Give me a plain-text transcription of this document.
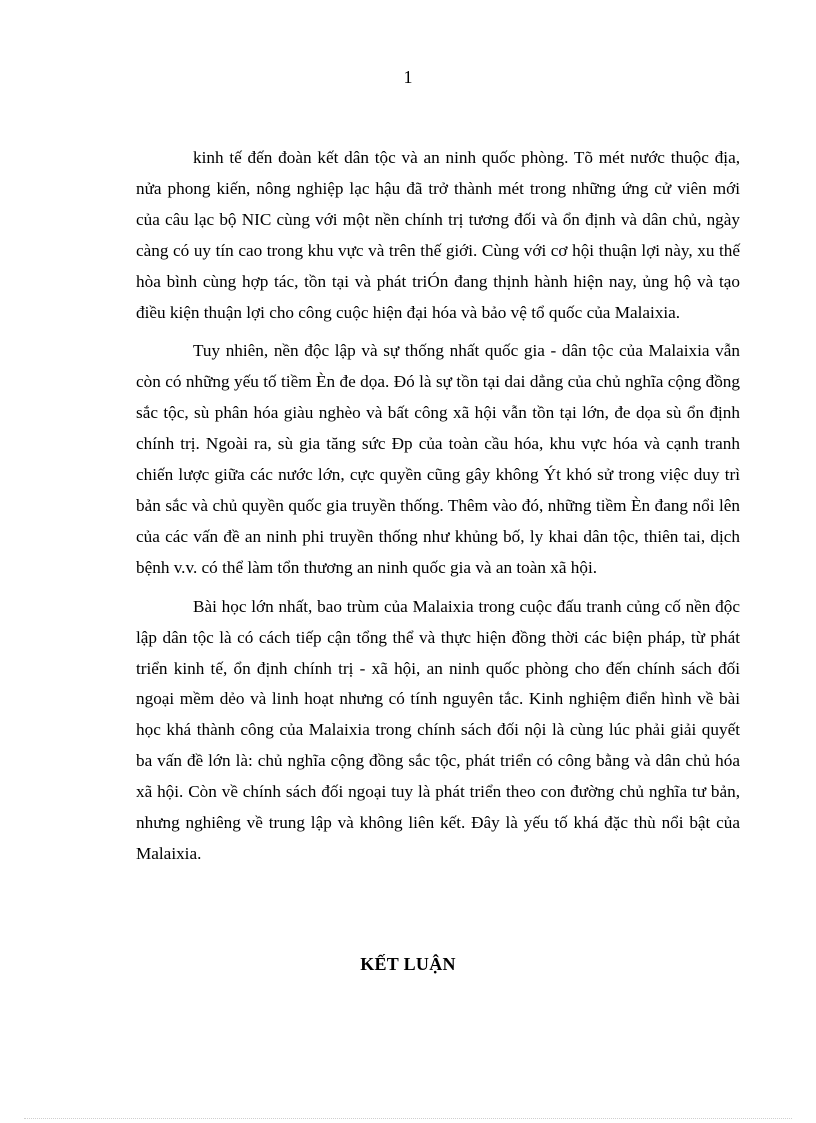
1

kinh tế đến đoàn kết dân tộc và an ninh quốc phòng. Tõ mét nước thuộc địa, nửa phong kiến, nông nghiệp lạc hậu đã trở thành mét trong những ứng cử viên mới của câu lạc bộ NIC cùng với một nền chính trị tương đối và ổn định và dân chủ, ngày càng có uy tín cao trong khu vực và trên thế giới. Cùng với cơ hội thuận lợi này, xu thế hòa bình cùng hợp tác, tồn tại và phát triÓn đang thịnh hành hiện nay, ủng hộ và tạo điều kiện thuận lợi cho công cuộc hiện đại hóa và bảo vệ tổ quốc của Malaixia.

Tuy nhiên, nền độc lập và sự thống nhất quốc gia - dân tộc của Malaixia vẫn còn có những yếu tố tiềm Èn đe dọa. Đó là sự tồn tại dai dẳng của chủ nghĩa cộng đồng sắc tộc, sù phân hóa giàu nghèo và bất công xã hội vẫn tồn tại lớn, đe dọa sù ổn định chính trị. Ngoài ra, sù gia tăng sức Ðp của toàn cầu hóa, khu vực hóa và cạnh tranh chiến lược giữa các nước lớn, cực quyền cũng gây không Ýt khó sử trong việc duy trì bản sắc và chủ quyền quốc gia truyền thống. Thêm vào đó, những tiềm Èn đang nổi lên của các vấn đề an ninh phi truyền thống như khủng bố, ly khai dân tộc, thiên tai, dịch bệnh v.v. có thể làm tổn thương an ninh quốc gia và an toàn xã hội.

Bài học lớn nhất, bao trùm của Malaixia trong cuộc đấu tranh củng cố nền độc lập dân tộc là có cách tiếp cận tổng thể và thực hiện đồng thời các biện pháp, từ phát triển kinh tế, ổn định chính trị - xã hội, an ninh quốc phòng cho đến chính sách đối ngoại mềm dẻo và linh hoạt nhưng có tính nguyên tắc. Kinh nghiệm điển hình về bài học khá thành công của Malaixia trong chính sách đối nội là cùng lúc phải giải quyết ba vấn đề lớn là: chủ nghĩa cộng đồng sắc tộc, phát triển có công bằng và dân chủ hóa xã hội. Còn về chính sách đối ngoại tuy là phát triển theo con đường chủ nghĩa tư bản, nhưng nghiêng về trung lập và không liên kết. Đây là yếu tố khá đặc thù nổi bật của Malaixia.

KẾT LUẬN
